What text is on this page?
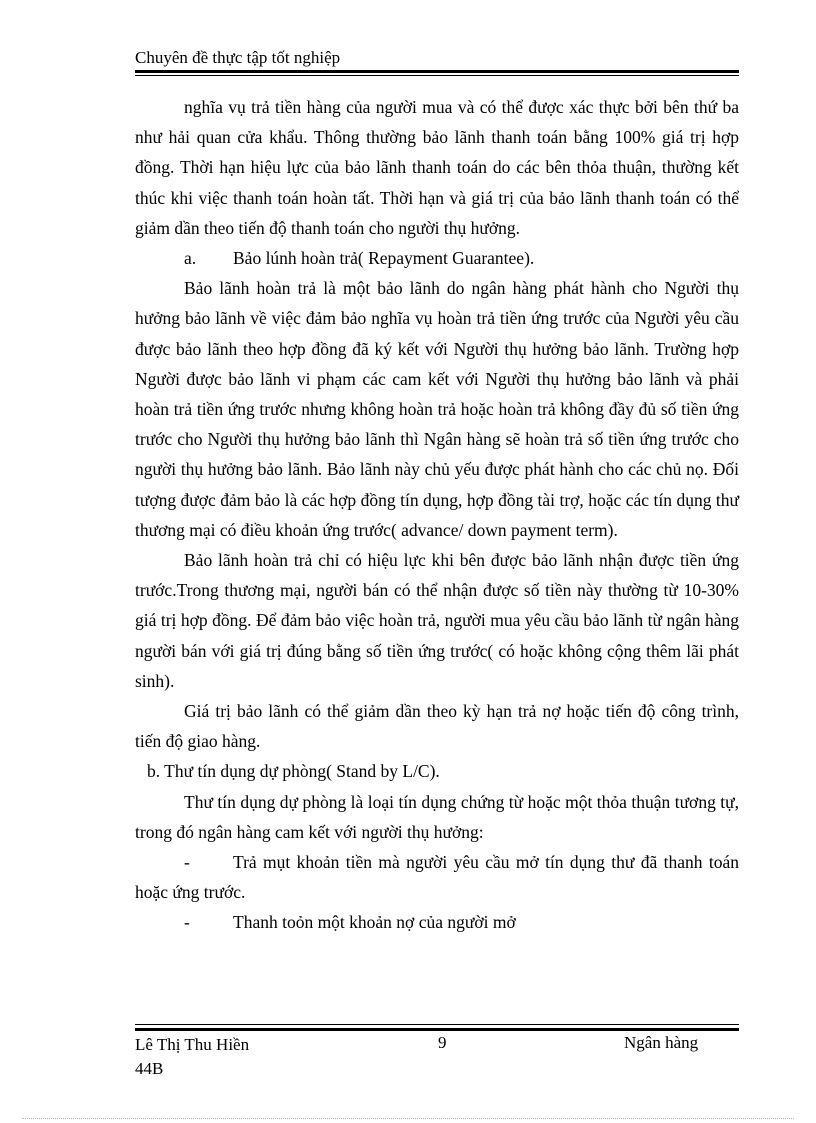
Chuyên đề thực tập tốt nghiệp

nghĩa vụ trả tiền hàng của người mua và có thể được xác thực bởi bên thứ ba như hải quan cửa khẩu. Thông thường bảo lãnh thanh toán bằng 100% giá trị hợp đồng. Thời hạn hiệu lực của bảo lãnh thanh toán do các bên thỏa thuận, thường kết thúc khi việc thanh toán hoàn tất. Thời hạn và giá trị của bảo lãnh thanh toán có thể giảm dần theo tiến độ thanh toán cho người thụ hưởng.

a.	Bảo lúnh hoàn trả( Repayment Guarantee).

Bảo lãnh hoàn trả là một bảo lãnh do ngân hàng phát hành cho Người thụ hưởng bảo lãnh về việc đảm bảo nghĩa vụ hoàn trả tiền ứng trước của Người yêu cầu được bảo lãnh theo hợp đồng đã ký kết với Người thụ hưởng bảo lãnh. Trường hợp Người được bảo lãnh vi phạm các cam kết với Người thụ hưởng bảo lãnh và phải hoàn trả tiền ứng trước nhưng không hoàn trả hoặc hoàn trả không đầy đủ số tiền ứng trước cho Người thụ hưởng bảo lãnh thì Ngân hàng sẽ hoàn trả số tiền ứng trước cho người thụ hưởng bảo lãnh. Bảo lãnh này chủ yếu được phát hành cho các chủ nọ. Đối tượng được đảm bảo là các hợp đồng tín dụng, hợp đồng tài trợ, hoặc các tín dụng thư thương mại có điều khoản ứng trước( advance/ down payment term).

Bảo lãnh hoàn trả chỉ có hiệu lực khi bên được bảo lãnh nhận được tiền ứng trước.Trong thương mại, người bán có thể nhận được số tiền này thường từ 10-30% giá trị hợp đồng. Để đảm bảo việc hoàn trả, người mua yêu cầu bảo lãnh từ ngân hàng người bán với giá trị đúng bằng số tiền ứng trước( có hoặc không cộng thêm lãi phát sinh).

Giá trị bảo lãnh có thể giảm dần theo kỳ hạn trả nợ hoặc tiến độ công trình, tiến độ giao hàng.

b. Thư tín dụng dự phòng( Stand by L/C).

Thư tín dụng dự phòng là loại tín dụng chứng từ hoặc một thỏa thuận tương tự, trong đó ngân hàng cam kết với người thụ hưởng:

- Trả mụt khoản tiền mà người yêu cầu mở tín dụng thư đã thanh toán hoặc ứng trước.

- Thanh toỏn một khoản nợ của người mở

Lê Thị Thu Hiền
44B
9	Ngân hàng
